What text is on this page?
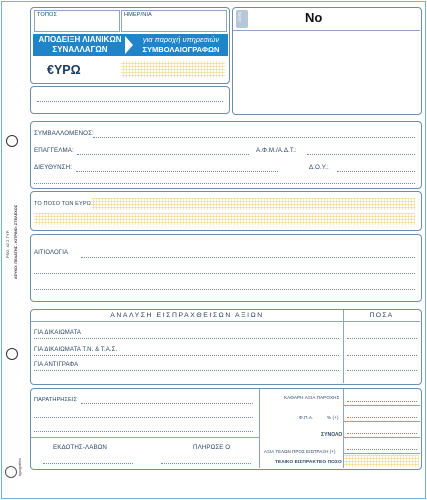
ΤΟΠΟΣ	ΗΜΕΡ/ΝΙΑ
ΑΠΟΔΕΙΞΗ ΛΙΑΝΙΚΩΝ
ΣΥΝΑΛΛΑΓΩΝ
για παροχή υπηρεσιών
ΣΥΜΒΟΛΑΙΟΓΡΑΦΩΝ
€ΥΡΩ
ΣΕΙΡΑ	Νο
PSG. 42 Σ ΤΥΡ. ΛΕΥΚΟ: ΠΕΛΑΤΗΣ - ΚΙΤΡΙΝΟ: ΣΤΕΛΕΧΟΣ
typografeio
ΣΥΜΒΑΛΛΟΜΕΝΟΣ:
ΕΠΑΓΓΕΛΜΑ:	Α.Φ.Μ./Α.Δ.Τ.:
ΔΙΕΥΘΥΝΣΗ:	Δ.Ο.Υ.:
ΤΟ ΠΟΣΟ ΤΩΝ ΕΥΡΩ
ΑΙΤΙΟΛΟΓΙΑ
ΑΝΑΛΥΣΗ ΕΙΣΠΡΑΧΘΕΙΣΩΝ ΑΞΙΩΝ	ΠΟΣΑ
ΓΙΑ ΔΙΚΑΙΩΜΑΤΑ
ΓΙΑ ΔΙΚΑΙΩΜΑΤΑ Τ.Ν. & Τ.Α.Σ.
ΓΙΑ ΑΝΤΙΓΡΑΦΑ
ΠΑΡΑΤΗΡΗΣΕΙΣ
ΕΚΔΟΤΗΣ-ΛΑΒΩΝ	ΠΛΗΡΩΣΕ Ο
ΚΑΘΑΡΗ ΑΞΙΑ ΠΑΡΟΧΗΣ
Φ.Π.Α.	% (+)
ΣΥΝΟΛΟ
ΑΞΙΑ ΤΕΛΩΝ ΠΡΟΣ ΕΙΣΠΡΑΞΗ (+)
ΤΕΛΙΚΟ ΕΙΣΠΡΑΚΤΕΟ ΠΟΣΟ
